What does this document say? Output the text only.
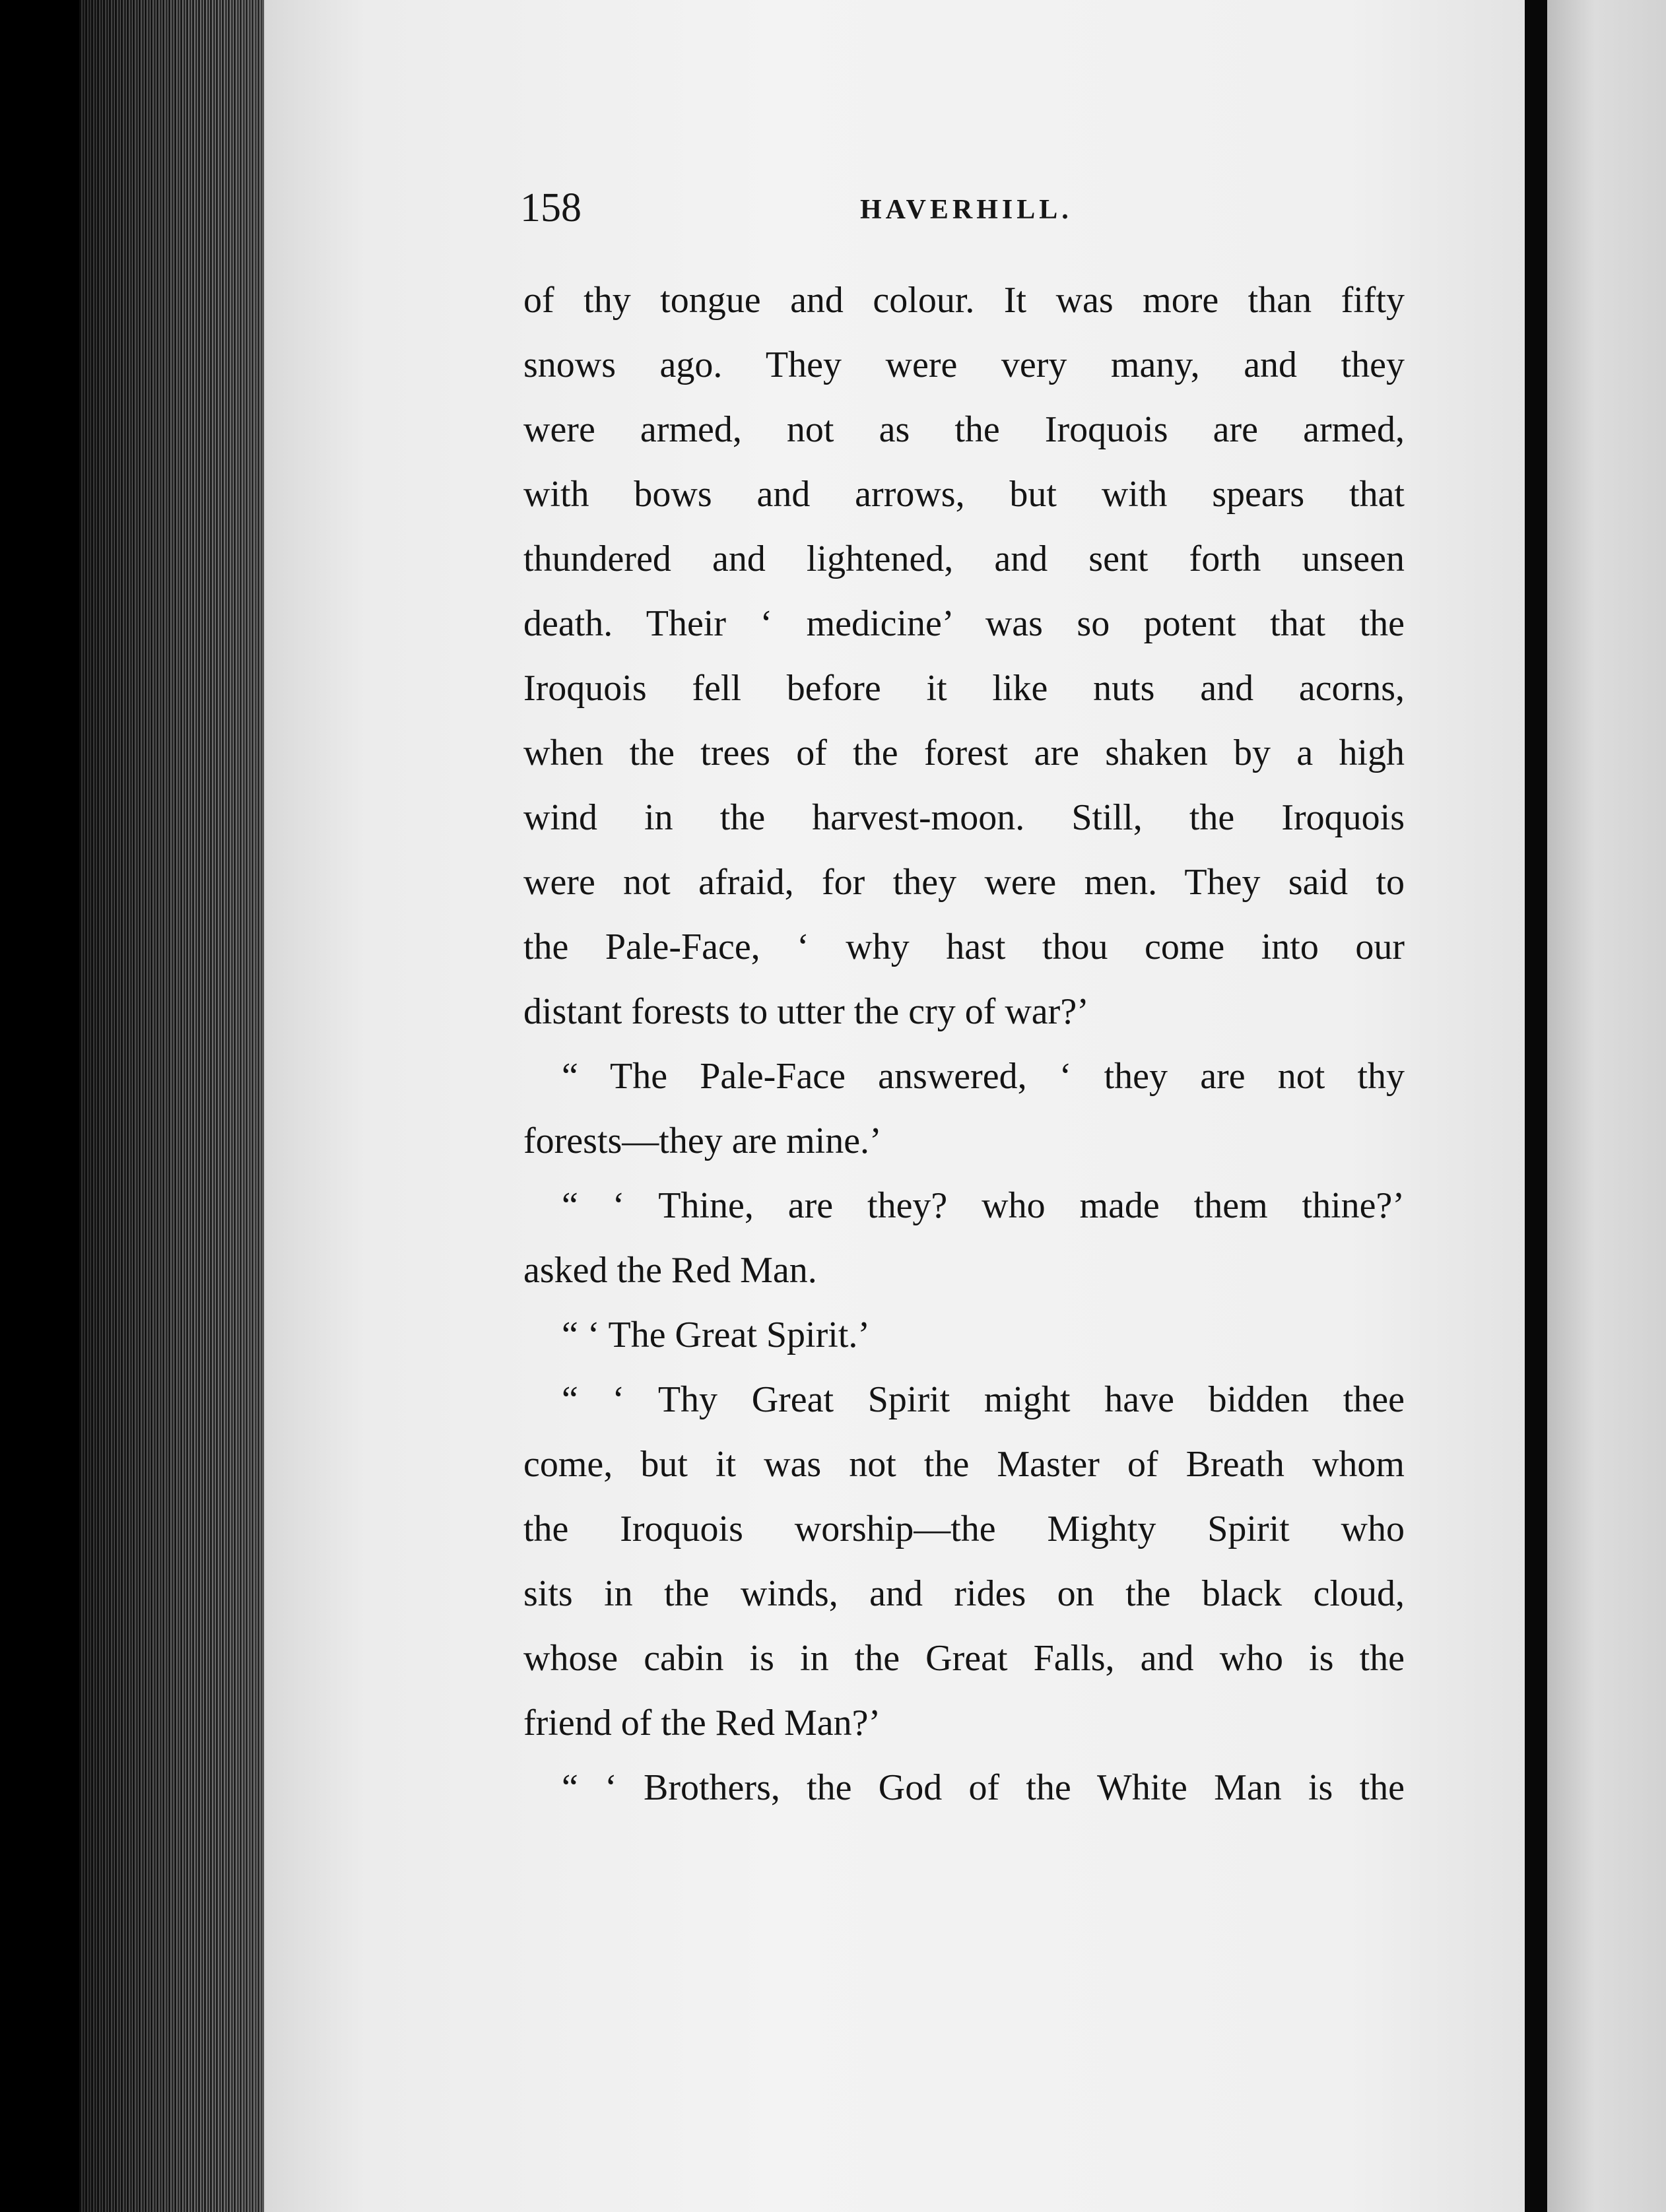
158	HAVERHILL.
of thy tongue and colour. It was more than fifty
snows ago. They were very many, and they
were armed, not as the Iroquois are armed,
with bows and arrows, but with spears that
thundered and lightened, and sent forth unseen
death. Their ‘ medicine’ was so potent that the
Iroquois fell before it like nuts and acorns,
when the trees of the forest are shaken by a high
wind in the harvest-moon. Still, the Iroquois
were not afraid, for they were men. They said to
the Pale-Face, ‘ why hast thou come into our
distant forests to utter the cry of war?’
“ The Pale-Face answered, ‘ they are not thy
forests—they are mine.’
“ ‘ Thine, are they? who made them thine?’
asked the Red Man.
“ ‘ The Great Spirit.’
“ ‘ Thy Great Spirit might have bidden thee
come, but it was not the Master of Breath whom
the Iroquois worship—the Mighty Spirit who
sits in the winds, and rides on the black cloud,
whose cabin is in the Great Falls, and who is the
friend of the Red Man?’
“ ‘ Brothers, the God of the White Man is the
